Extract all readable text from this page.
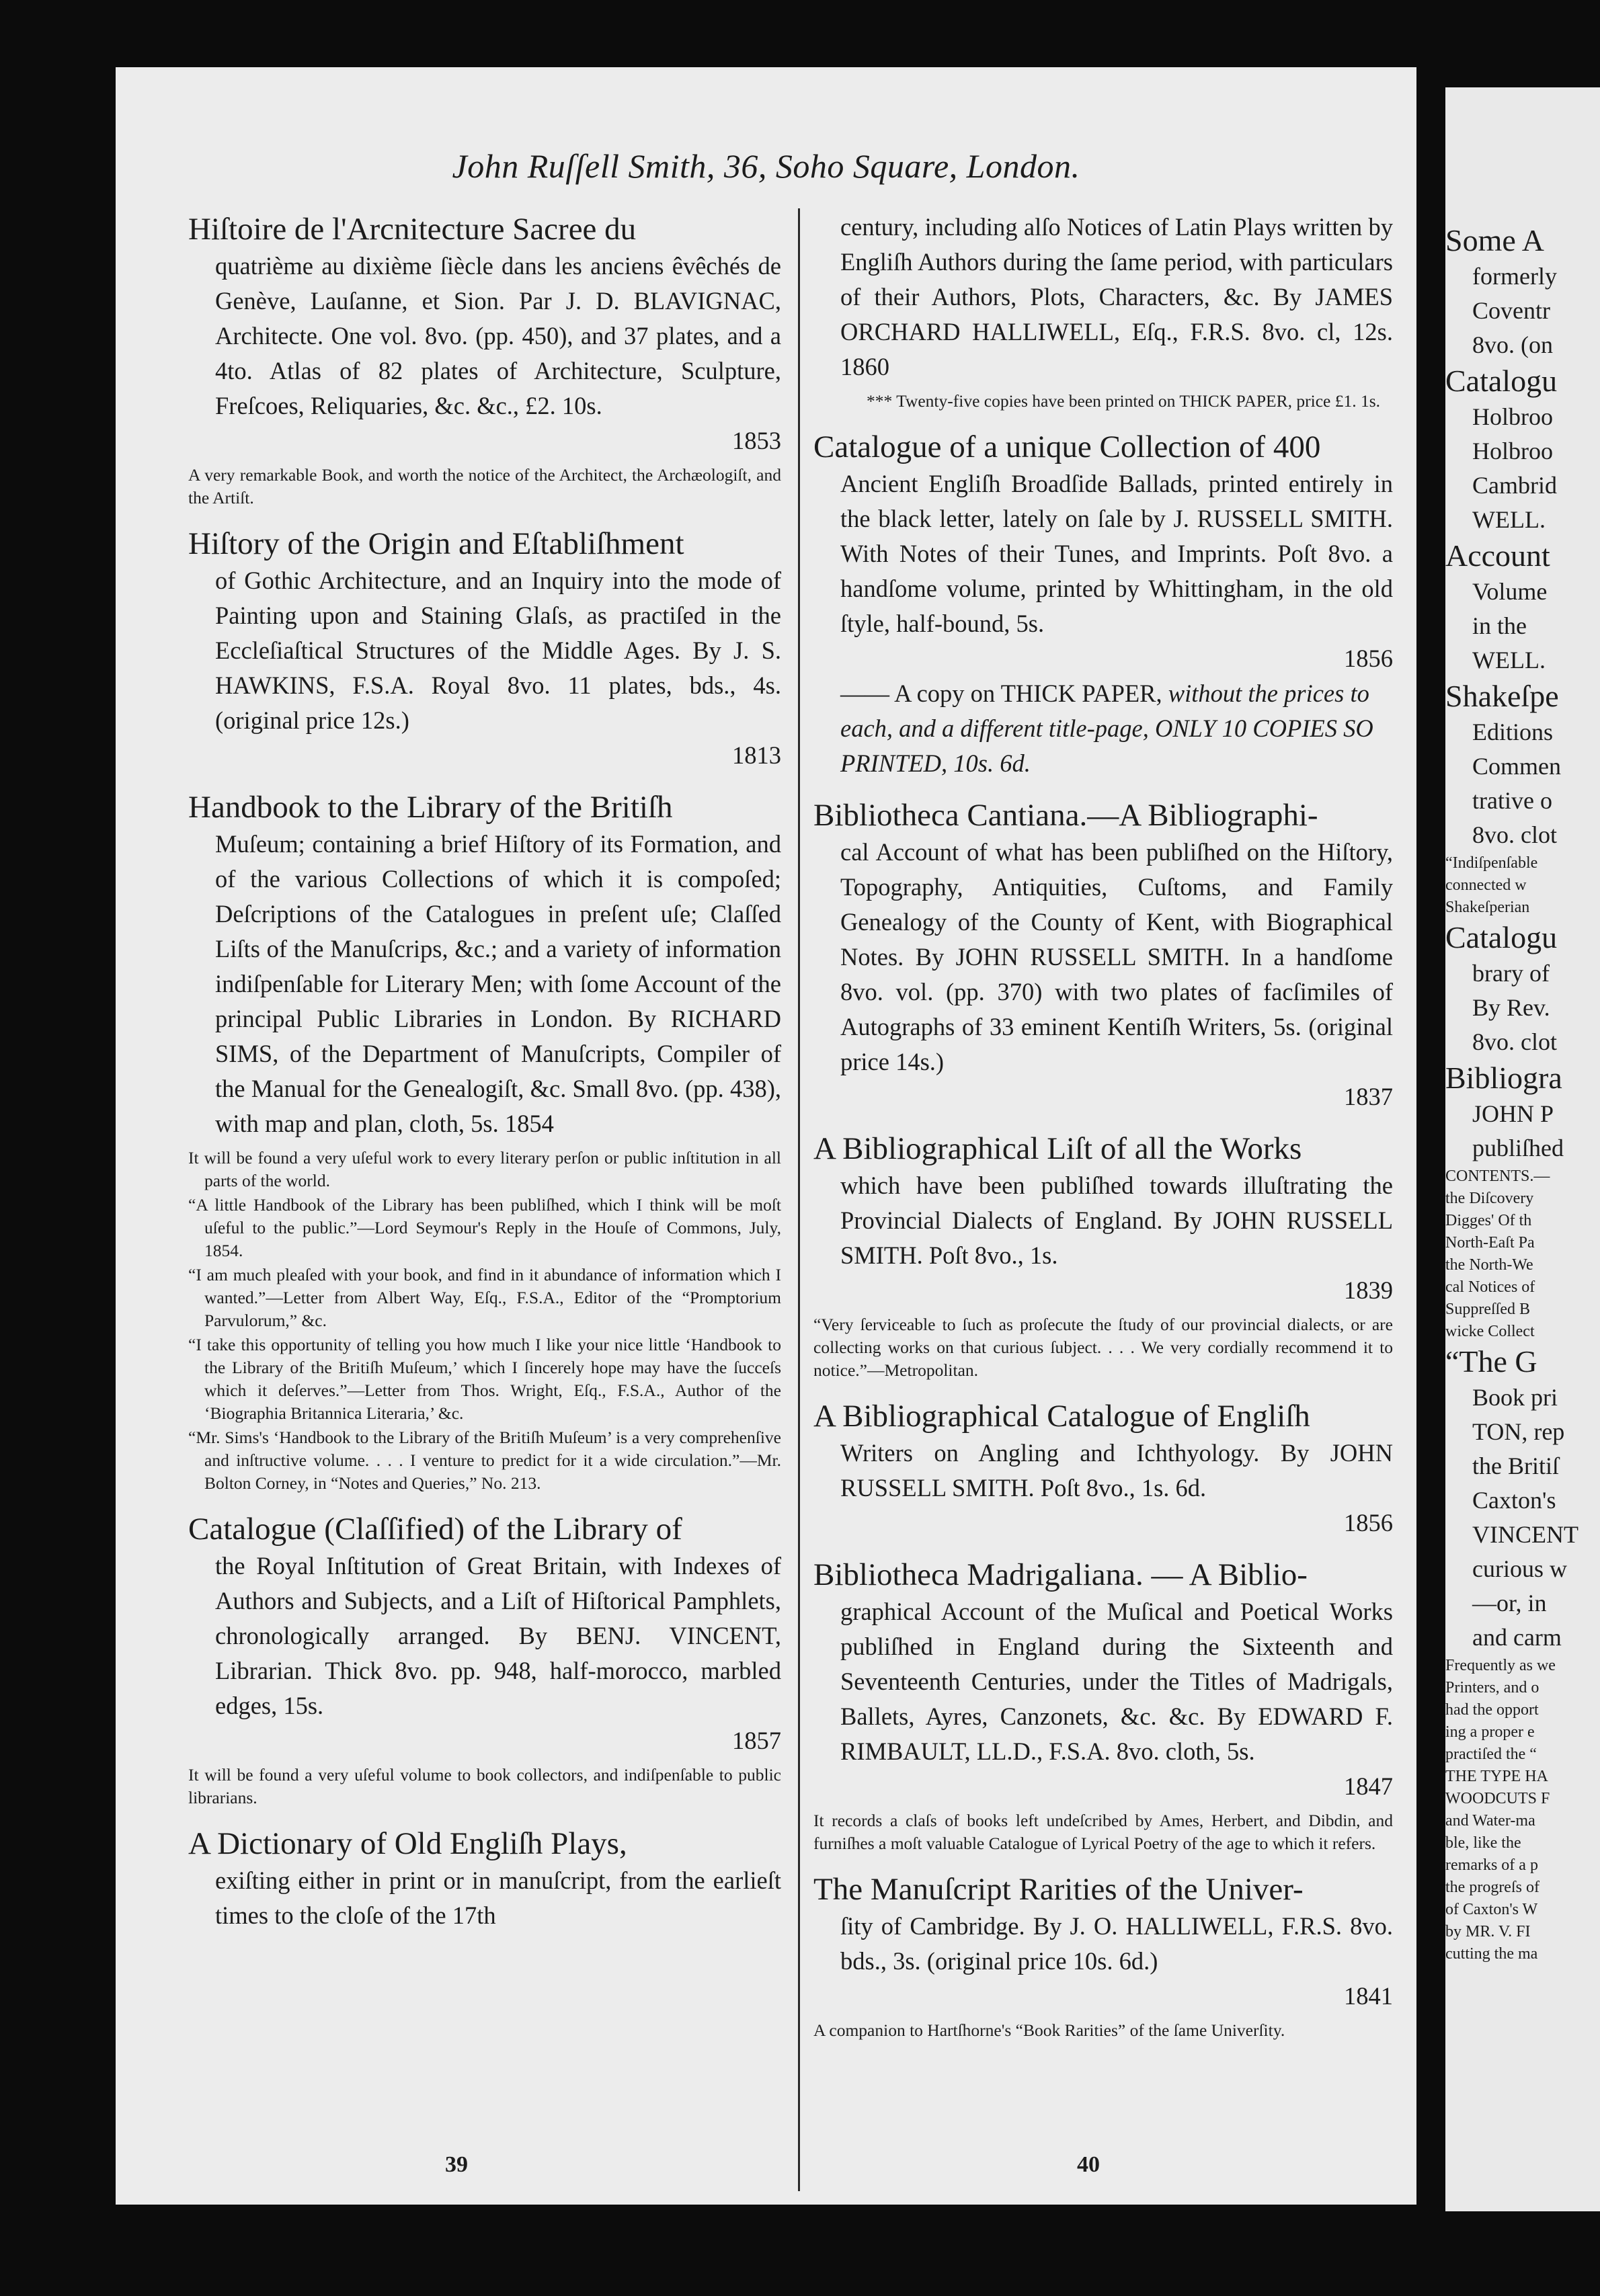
John Ruſſell Smith, 36, Soho Square, London.
Hiſtoire de l'Arcnitecture Sacree du
quatrième au dixième ſiècle dans les anciens êvêchés de Genève, Lauſanne, et Sion. Par J. D. BLAVIGNAC, Architecte. One vol. 8vo. (pp. 450), and 37 plates, and a 4to. Atlas of 82 plates of Architecture, Sculpture, Freſcoes, Reliquaries, &c. &c., £2. 10s.
1853
A very remarkable Book, and worth the notice of the Architect, the Archæologiſt, and the Artiſt.
Hiſtory of the Origin and Eſtabliſhment
of Gothic Architecture, and an Inquiry into the mode of Painting upon and Staining Glaſs, as practiſed in the Eccleſiaſtical Structures of the Middle Ages. By J. S. HAWKINS, F.S.A. Royal 8vo. 11 plates, bds., 4s. (original price 12s.)
1813
Handbook to the Library of the Britiſh
Muſeum; containing a brief Hiſtory of its Formation, and of the various Collections of which it is compoſed; Deſcriptions of the Catalogues in preſent uſe; Claſſed Liſts of the Manuſcrips, &c.; and a variety of information indiſpenſable for Literary Men; with ſome Account of the principal Public Libraries in London. By RICHARD SIMS, of the Department of Manuſcripts, Compiler of the Manual for the Genealogiſt, &c. Small 8vo. (pp. 438), with map and plan, cloth, 5s. 1854
It will be found a very uſeful work to every literary perſon or public inſtitution in all parts of the world.
“A little Handbook of the Library has been publiſhed, which I think will be moſt uſeful to the public.”—Lord Seymour's Reply in the Houſe of Commons, July, 1854.
“I am much pleaſed with your book, and find in it abundance of information which I wanted.”—Letter from Albert Way, Eſq., F.S.A., Editor of the “Promptorium Parvulorum,” &c.
“I take this opportunity of telling you how much I like your nice little ‘Handbook to the Library of the Britiſh Muſeum,’ which I ſincerely hope may have the ſucceſs which it deſerves.”—Letter from Thos. Wright, Eſq., F.S.A., Author of the ‘Biographia Britannica Literaria,’ &c.
“Mr. Sims's ‘Handbook to the Library of the Britiſh Muſeum’ is a very comprehenſive and inſtructive volume. . . . I venture to predict for it a wide circulation.”—Mr. Bolton Corney, in “Notes and Queries,” No. 213.
Catalogue (Claſſified) of the Library of
the Royal Inſtitution of Great Britain, with Indexes of Authors and Subjects, and a Liſt of Hiſtorical Pamphlets, chronologically arranged. By BENJ. VINCENT, Librarian. Thick 8vo. pp. 948, half-morocco, marbled edges, 15s.
1857
It will be found a very uſeful volume to book collectors, and indiſpenſable to public librarians.
A Dictionary of Old Engliſh Plays,
exiſting either in print or in manuſcript, from the earlieſt times to the cloſe of the 17th
century, including alſo Notices of Latin Plays written by Engliſh Authors during the ſame period, with particulars of their Authors, Plots, Characters, &c. By JAMES ORCHARD HALLIWELL, Eſq., F.R.S. 8vo. cl, 12s. 1860
*** Twenty-five copies have been printed on THICK PAPER, price £1. 1s.
Catalogue of a unique Collection of 400
Ancient Engliſh Broadſide Ballads, printed entirely in the black letter, lately on ſale by J. RUSSELL SMITH. With Notes of their Tunes, and Imprints. Poſt 8vo. a handſome volume, printed by Whittingham, in the old ſtyle, half-bound, 5s.
1856
—— A copy on THICK PAPER, without the prices to each, and a different title-page, ONLY 10 COPIES SO PRINTED, 10s. 6d.
Bibliotheca Cantiana.—A Bibliographi-
cal Account of what has been publiſhed on the Hiſtory, Topography, Antiquities, Cuſtoms, and Family Genealogy of the County of Kent, with Biographical Notes. By JOHN RUSSELL SMITH. In a handſome 8vo. vol. (pp. 370) with two plates of facſimiles of Autographs of 33 eminent Kentiſh Writers, 5s. (original price 14s.)
1837
A Bibliographical Liſt of all the Works
which have been publiſhed towards illuſtrating the Provincial Dialects of England. By JOHN RUSSELL SMITH. Poſt 8vo., 1s.
1839
“Very ſerviceable to ſuch as proſecute the ſtudy of our provincial dialects, or are collecting works on that curious ſubject. . . . We very cordially recommend it to notice.”—Metropolitan.
A Bibliographical Catalogue of Engliſh
Writers on Angling and Ichthyology. By JOHN RUSSELL SMITH. Poſt 8vo., 1s. 6d.
1856
Bibliotheca Madrigaliana. — A Biblio-
graphical Account of the Muſical and Poetical Works publiſhed in England during the Sixteenth and Seventeenth Centuries, under the Titles of Madrigals, Ballets, Ayres, Canzonets, &c. &c. By EDWARD F. RIMBAULT, LL.D., F.S.A. 8vo. cloth, 5s.
1847
It records a claſs of books left undeſcribed by Ames, Herbert, and Dibdin, and furniſhes a moſt valuable Catalogue of Lyrical Poetry of the age to which it refers.
The Manuſcript Rarities of the Univer-
ſity of Cambridge. By J. O. HALLIWELL, F.R.S. 8vo. bds., 3s. (original price 10s. 6d.)
1841
A companion to Hartſhorne's “Book Rarities” of the ſame Univerſity.
39	40
Some A
formerly
Coventr
8vo. (on
Catalogu
Holbroo
Holbroo
Cambrid
WELL.
Account
Volume
in the
WELL.
Shakeſpe
Editions
Commen
trative o
8vo. clot
“Indiſpenſable
connected w
Shakeſperian
Catalogu
brary of
By Rev.
8vo. clot
Bibliogra
JOHN P
publiſhed
CONTENTS.—
the Diſcovery
Digges' Of th
North-Eaſt Pa
the North-We
cal Notices of
Suppreſſed B
wicke Collect
“The G
Book pri
TON, rep
the Britiſ
Caxton's
VINCENT
curious w
—or, in
and carm
Frequently as we
Printers, and o
had the opport
ing a proper e
practiſed the “
THE TYPE HA
WOODCUTS F
and Water-ma
ble, like the
remarks of a p
the progreſs of
of Caxton's W
by MR. V. FI
cutting the ma
